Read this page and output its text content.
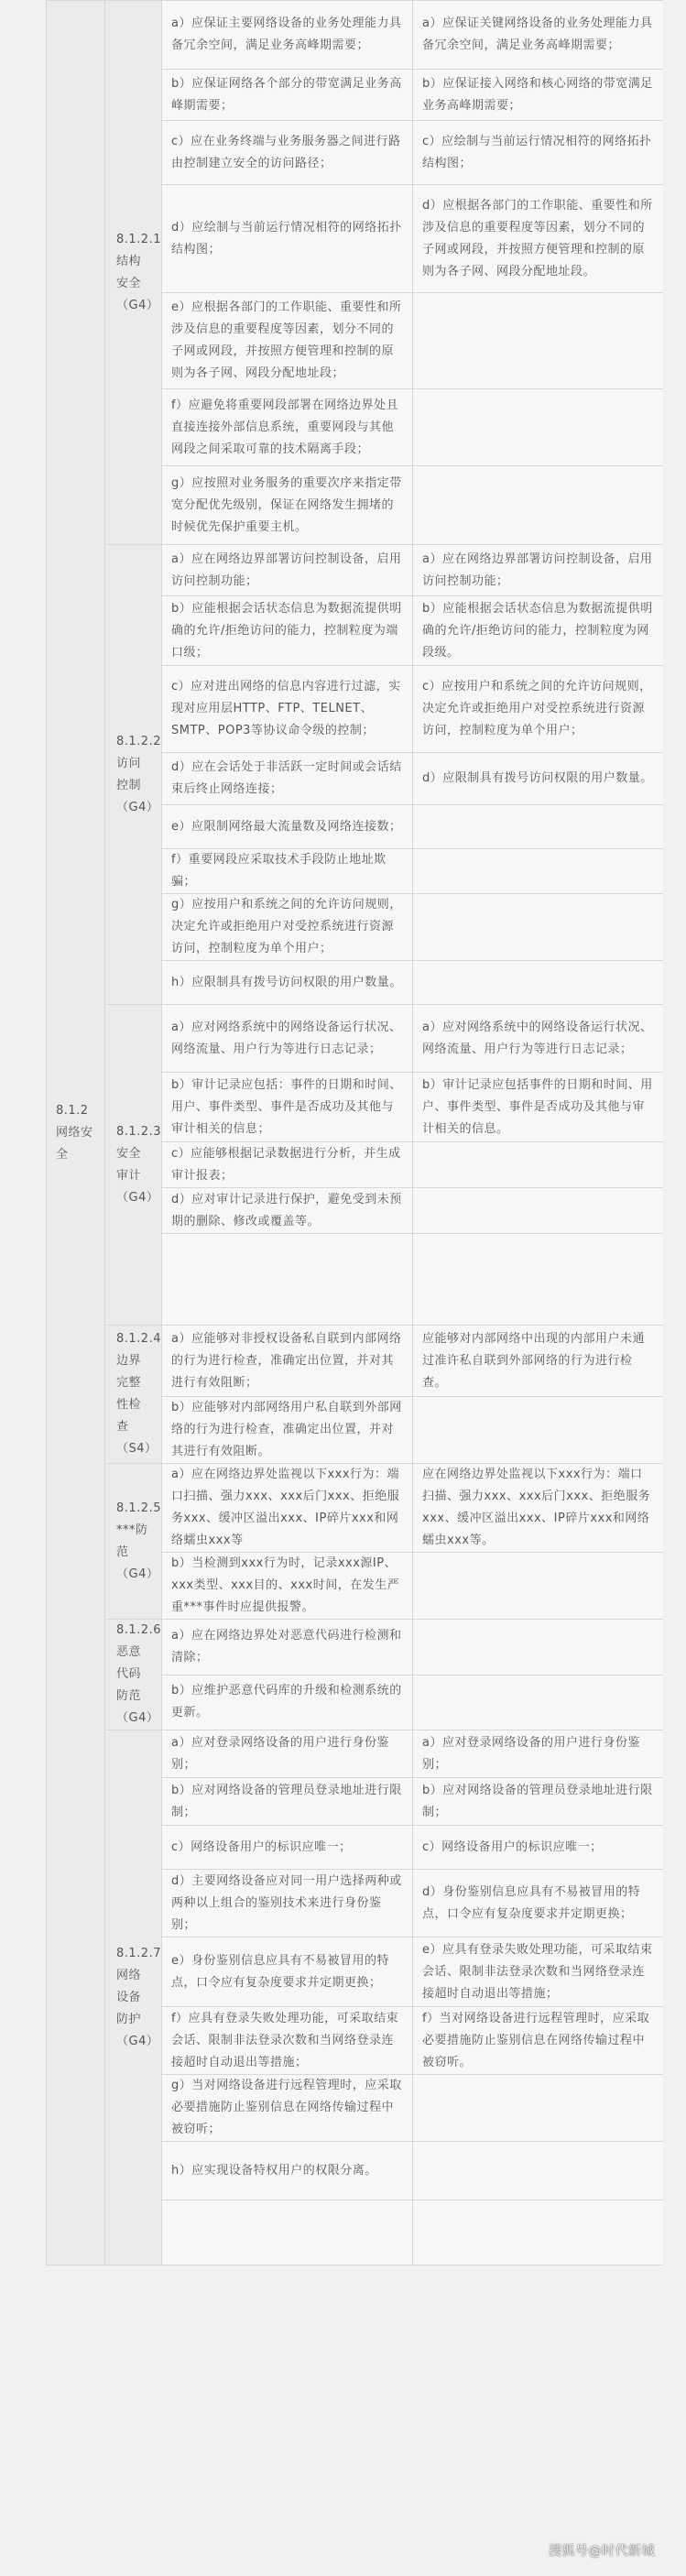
8.1.2
网络安全	8.1.2.1 结构安全（G4）	a）应保证主要网络设备的业务处理能力具备冗余空间，满足业务高峰期需要；	a）应保证关键网络设备的业务处理能力具备冗余空间，满足业务高峰期需要；
		b）应保证网络各个部分的带宽满足业务高峰期需要；	b）应保证接入网络和核心网络的带宽满足业务高峰期需要；
		c）应在业务终端与业务服务器之间进行路由控制建立安全的访问路径；	c）应绘制与当前运行情况相符的网络拓扑结构图；
		d）应绘制与当前运行情况相符的网络拓扑结构图；	d）应根据各部门的工作职能、重要性和所涉及信息的重要程度等因素，划分不同的子网或网段，并按照方便管理和控制的原则为各子网、网段分配地址段。
		e）应根据各部门的工作职能、重要性和所涉及信息的重要程度等因素，划分不同的子网或网段，并按照方便管理和控制的原则为各子网、网段分配地址段；	
		f）应避免将重要网段部署在网络边界处且直接连接外部信息系统，重要网段与其他网段之间采取可靠的技术隔离手段；	
		g）应按照对业务服务的重要次序来指定带宽分配优先级别，保证在网络发生拥堵的时候优先保护重要主机。	
	8.1.2.2 访问控制（G4）	a）应在网络边界部署访问控制设备，启用访问控制功能；	a）应在网络边界部署访问控制设备，启用访问控制功能；
		b）应能根据会话状态信息为数据流提供明确的允许/拒绝访问的能力，控制粒度为端口级；	b）应能根据会话状态信息为数据流提供明确的允许/拒绝访问的能力，控制粒度为网段级。
		c）应对进出网络的信息内容进行过滤，实现对应用层HTTP、FTP、TELNET、SMTP、POP3等协议命令级的控制；	c）应按用户和系统之间的允许访问规则，决定允许或拒绝用户对受控系统进行资源访问，控制粒度为单个用户；
		d）应在会话处于非活跃一定时间或会话结束后终止网络连接；	d）应限制具有拨号访问权限的用户数量。
		e）应限制网络最大流量数及网络连接数；	
		f）重要网段应采取技术手段防止地址欺骗；	
		g）应按用户和系统之间的允许访问规则，决定允许或拒绝用户对受控系统进行资源访问，控制粒度为单个用户；	
		h）应限制具有拨号访问权限的用户数量。	
	8.1.2.3 安全审计（G4）	a）应对网络系统中的网络设备运行状况、网络流量、用户行为等进行日志记录；	a）应对网络系统中的网络设备运行状况、网络流量、用户行为等进行日志记录；
		b）审计记录应包括：事件的日期和时间、用户、事件类型、事件是否成功及其他与审计相关的信息；	b）审计记录应包括事件的日期和时间、用户、事件类型、事件是否成功及其他与审计相关的信息。
		c）应能够根据记录数据进行分析，并生成审计报表；	
		d）应对审计记录进行保护，避免受到未预期的删除、修改或覆盖等。	

	8.1.2.4 边界完整性检查（S4）	a）应能够对非授权设备私自联到内部网络的行为进行检查，准确定出位置，并对其进行有效阻断；	应能够对内部网络中出现的内部用户未通过准许私自联到外部网络的行为进行检查。
		b）应能够对内部网络用户私自联到外部网络的行为进行检查，准确定出位置，并对其进行有效阻断。	
	8.1.2.5 ***防范（G4）	a）应在网络边界处监视以下xxx行为：端口扫描、强力xxx、xxx后门xxx、拒绝服务xxx、缓冲区溢出xxx、IP碎片xxx和网络蠕虫xxx等	应在网络边界处监视以下xxx行为：端口扫描、强力xxx、xxx后门xxx、拒绝服务xxx、缓冲区溢出xxx、IP碎片xxx和网络蠕虫xxx等。
		b）当检测到xxx行为时，记录xxx源IP、xxx类型、xxx目的、xxx时间，在发生严重***事件时应提供报警。	
	8.1.2.6 恶意代码防范（G4）	a）应在网络边界处对恶意代码进行检测和清除；	
		b）应维护恶意代码库的升级和检测系统的更新。	
	8.1.2.7 网络设备防护（G4）	a）应对登录网络设备的用户进行身份鉴别；	a）应对登录网络设备的用户进行身份鉴别；
		b）应对网络设备的管理员登录地址进行限制；	b）应对网络设备的管理员登录地址进行限制；
		c）网络设备用户的标识应唯一；	c）网络设备用户的标识应唯一；
		d）主要网络设备应对同一用户选择两种或两种以上组合的鉴别技术来进行身份鉴别；	d）身份鉴别信息应具有不易被冒用的特点，口令应有复杂度要求并定期更换；
		e）身份鉴别信息应具有不易被冒用的特点，口令应有复杂度要求并定期更换；	e）应具有登录失败处理功能，可采取结束会话、限制非法登录次数和当网络登录连接超时自动退出等措施；
		f）应具有登录失败处理功能，可采取结束会话、限制非法登录次数和当网络登录连接超时自动退出等措施；	f）当对网络设备进行远程管理时，应采取必要措施防止鉴别信息在网络传输过程中被窃听。
		g）当对网络设备进行远程管理时，应采取必要措施防止鉴别信息在网络传输过程中被窃听；	
		h）应实现设备特权用户的权限分离。	

搜狐号@时代新城
